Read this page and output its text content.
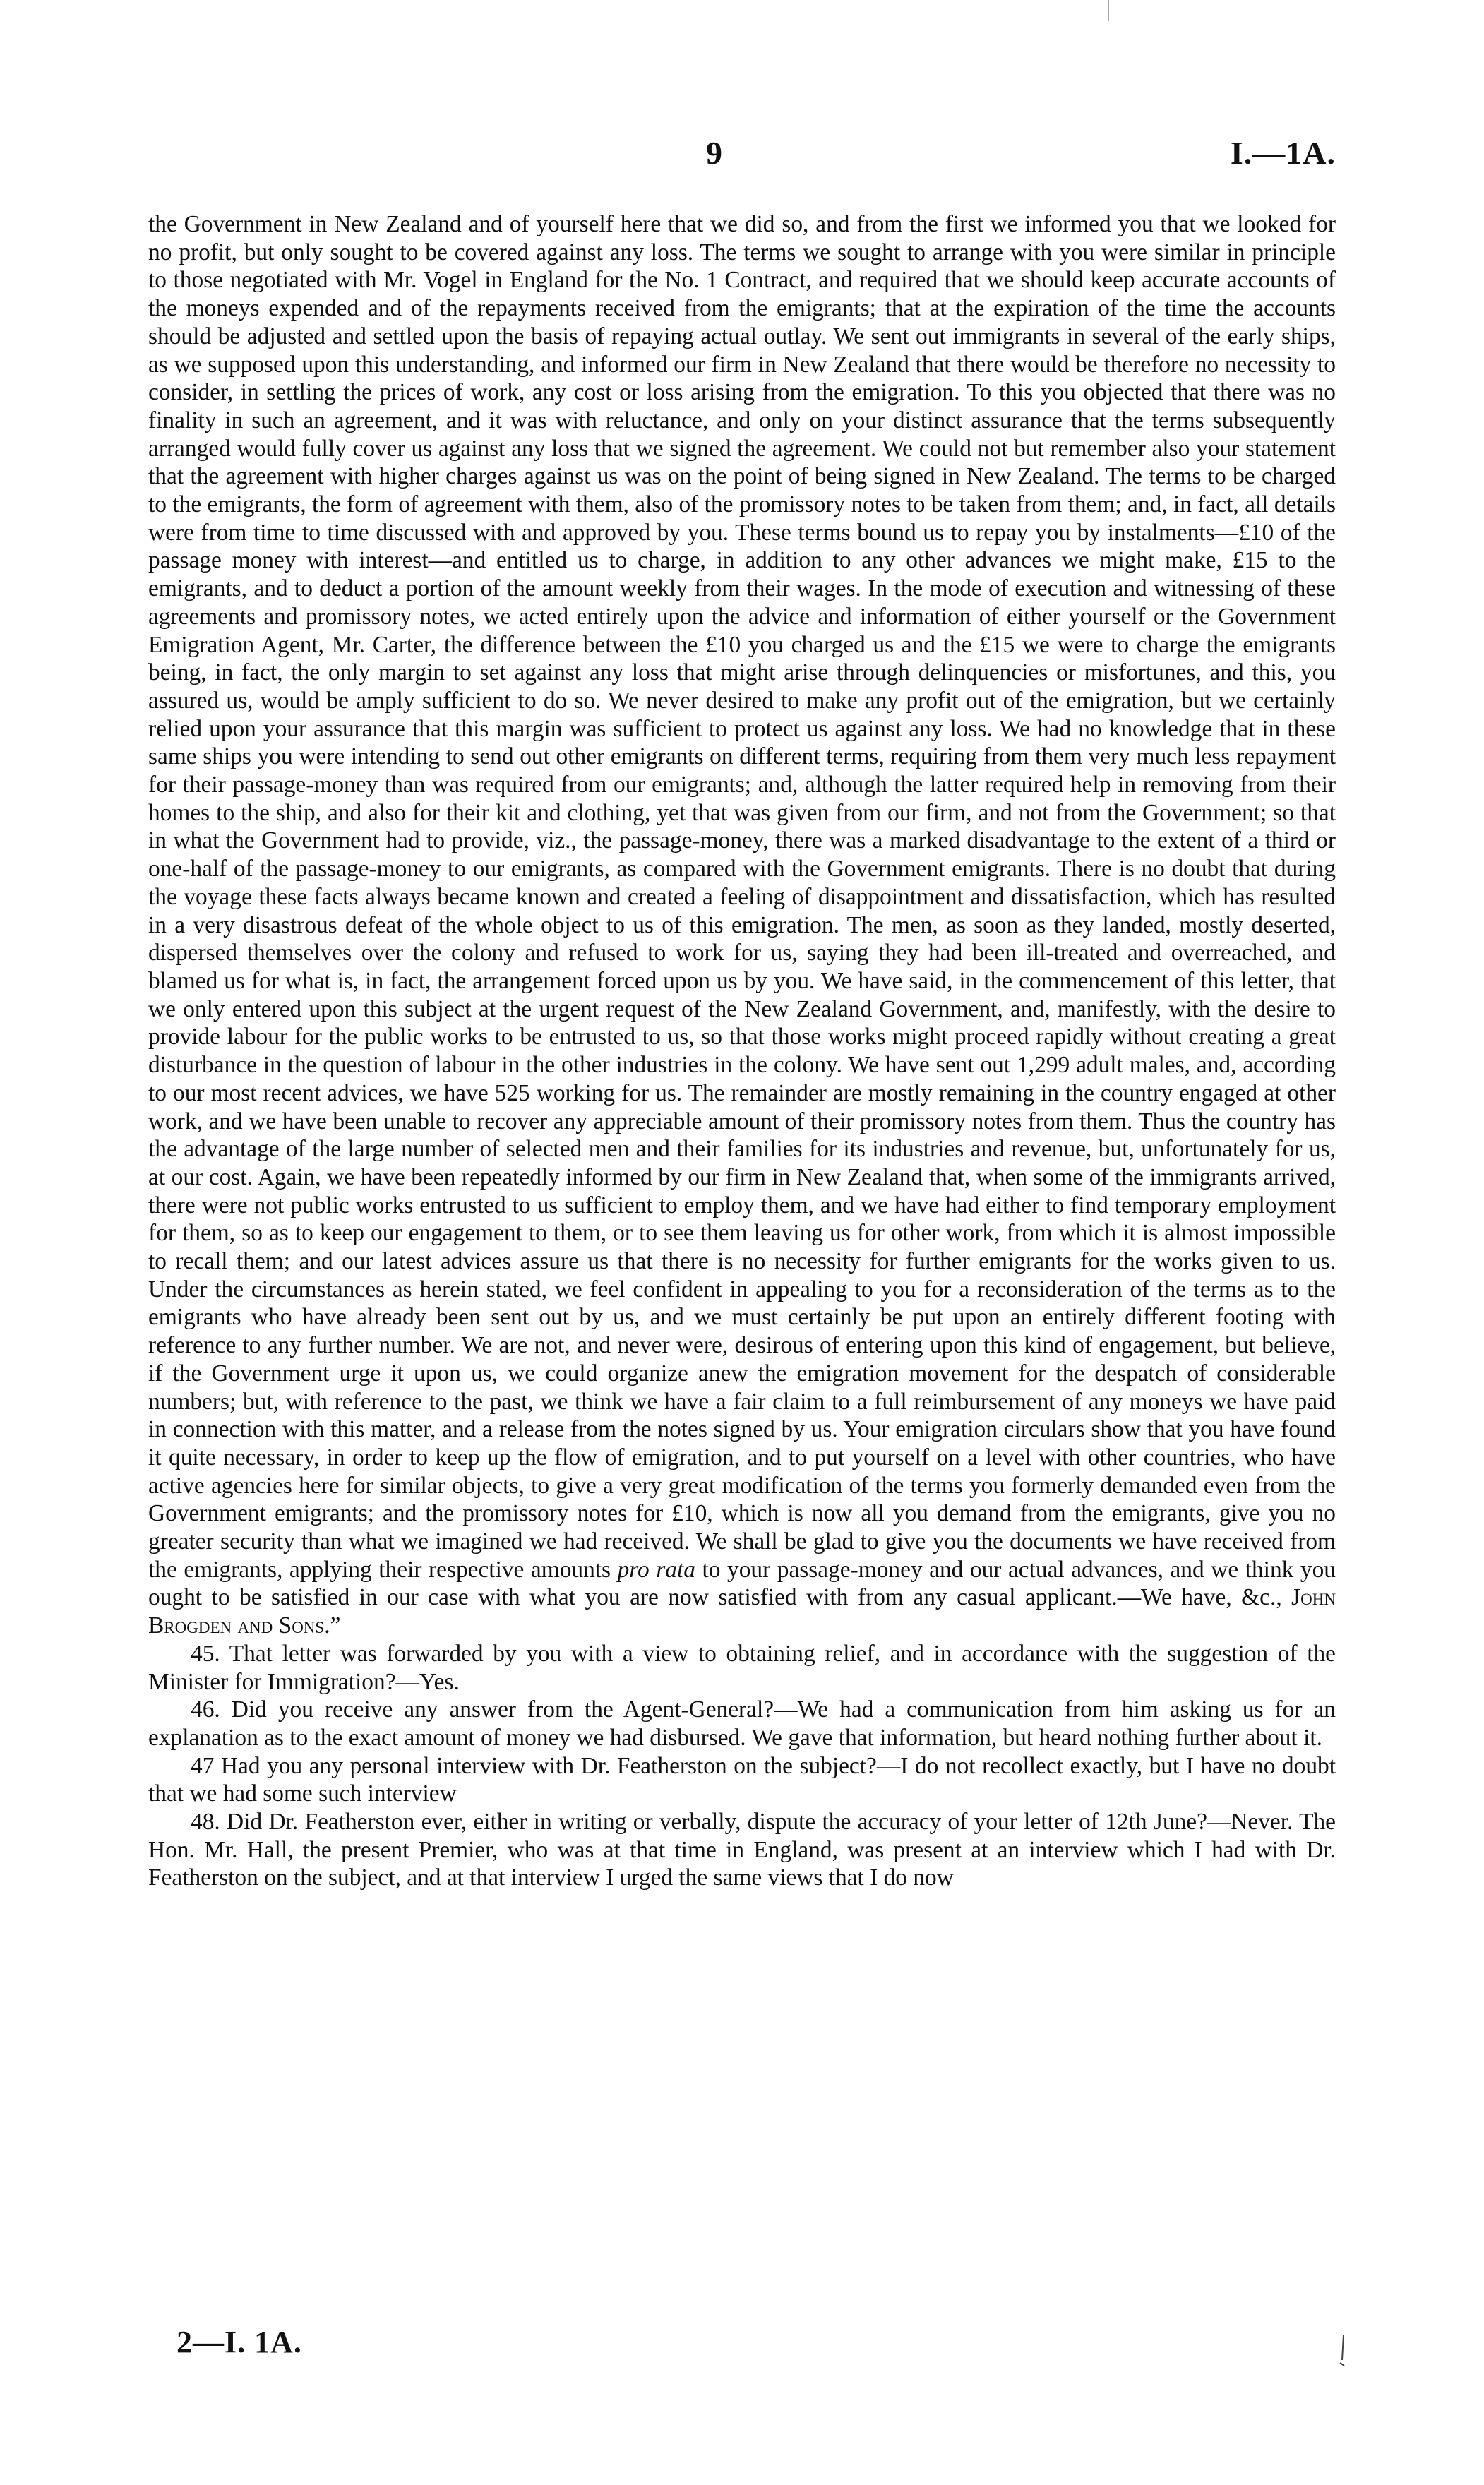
9	I.—1A.

the Government in New Zealand and of yourself here that we did so, and from the first we informed you that we looked for no profit, but only sought to be covered against any loss. The terms we sought to arrange with you were similar in principle to those negotiated with Mr. Vogel in England for the No. 1 Contract, and required that we should keep accurate accounts of the moneys expended and of the repayments received from the emigrants; that at the expiration of the time the accounts should be adjusted and settled upon the basis of repaying actual outlay. We sent out immigrants in several of the early ships, as we supposed upon this understanding, and informed our firm in New Zealand that there would be therefore no necessity to consider, in settling the prices of work, any cost or loss arising from the emigration. To this you objected that there was no finality in such an agreement, and it was with reluctance, and only on your distinct assurance that the terms subsequently arranged would fully cover us against any loss that we signed the agreement. We could not but remember also your statement that the agreement with higher charges against us was on the point of being signed in New Zealand. The terms to be charged to the emigrants, the form of agreement with them, also of the promissory notes to be taken from them; and, in fact, all details were from time to time discussed with and approved by you. These terms bound us to repay you by instalments—£10 of the passage money with interest—and entitled us to charge, in addition to any other advances we might make, £15 to the emigrants, and to deduct a portion of the amount weekly from their wages. In the mode of execution and witnessing of these agreements and promissory notes, we acted entirely upon the advice and information of either yourself or the Government Emigration Agent, Mr. Carter, the difference between the £10 you charged us and the £15 we were to charge the emigrants being, in fact, the only margin to set against any loss that might arise through delinquencies or misfortunes, and this, you assured us, would be amply sufficient to do so. We never desired to make any profit out of the emigration, but we certainly relied upon your assurance that this margin was sufficient to protect us against any loss. We had no knowledge that in these same ships you were intending to send out other emigrants on different terms, requiring from them very much less repayment for their passage-money than was required from our emigrants; and, although the latter required help in removing from their homes to the ship, and also for their kit and clothing, yet that was given from our firm, and not from the Government; so that in what the Government had to provide, viz., the passage-money, there was a marked disadvantage to the extent of a third or one-half of the passage-money to our emigrants, as compared with the Government emigrants. There is no doubt that during the voyage these facts always became known and created a feeling of disappointment and dissatisfaction, which has resulted in a very disastrous defeat of the whole object to us of this emigration. The men, as soon as they landed, mostly deserted, dispersed themselves over the colony and refused to work for us, saying they had been ill-treated and overreached, and blamed us for what is, in fact, the arrangement forced upon us by you. We have said, in the commencement of this letter, that we only entered upon this subject at the urgent request of the New Zealand Government, and, manifestly, with the desire to provide labour for the public works to be entrusted to us, so that those works might proceed rapidly without creating a great disturbance in the question of labour in the other industries in the colony. We have sent out 1,299 adult males, and, according to our most recent advices, we have 525 working for us. The remainder are mostly remaining in the country engaged at other work, and we have been unable to recover any appreciable amount of their promissory notes from them. Thus the country has the advantage of the large number of selected men and their families for its industries and revenue, but, unfortunately for us, at our cost. Again, we have been repeatedly informed by our firm in New Zealand that, when some of the immigrants arrived, there were not public works entrusted to us sufficient to employ them, and we have had either to find temporary employment for them, so as to keep our engagement to them, or to see them leaving us for other work, from which it is almost impossible to recall them; and our latest advices assure us that there is no necessity for further emigrants for the works given to us. Under the circumstances as herein stated, we feel confident in appealing to you for a reconsideration of the terms as to the emigrants who have already been sent out by us, and we must certainly be put upon an entirely different footing with reference to any further number. We are not, and never were, desirous of entering upon this kind of engagement, but believe, if the Government urge it upon us, we could organize anew the emigration movement for the despatch of considerable numbers; but, with reference to the past, we think we have a fair claim to a full reimbursement of any moneys we have paid in connection with this matter, and a release from the notes signed by us. Your emigration circulars show that you have found it quite necessary, in order to keep up the flow of emigration, and to put yourself on a level with other countries, who have active agencies here for similar objects, to give a very great modification of the terms you formerly demanded even from the Government emigrants; and the promissory notes for £10, which is now all you demand from the emigrants, give you no greater security than what we imagined we had received. We shall be glad to give you the documents we have received from the emigrants, applying their respective amounts pro rata to your passage-money and our actual advances, and we think you ought to be satisfied in our case with what you are now satisfied with from any casual applicant.—We have, &c., John Brogden and Sons.”

45. That letter was forwarded by you with a view to obtaining relief, and in accordance with the suggestion of the Minister for Immigration?—Yes.

46. Did you receive any answer from the Agent-General?—We had a communication from him asking us for an explanation as to the exact amount of money we had disbursed. We gave that information, but heard nothing further about it.

47 Had you any personal interview with Dr. Featherston on the subject?—I do not recollect exactly, but I have no doubt that we had some such interview

48. Did Dr. Featherston ever, either in writing or verbally, dispute the accuracy of your letter of 12th June?—Never. The Hon. Mr. Hall, the present Premier, who was at that time in England, was present at an interview which I had with Dr. Featherston on the subject, and at that interview I urged the same views that I do now

2—I. 1A.
